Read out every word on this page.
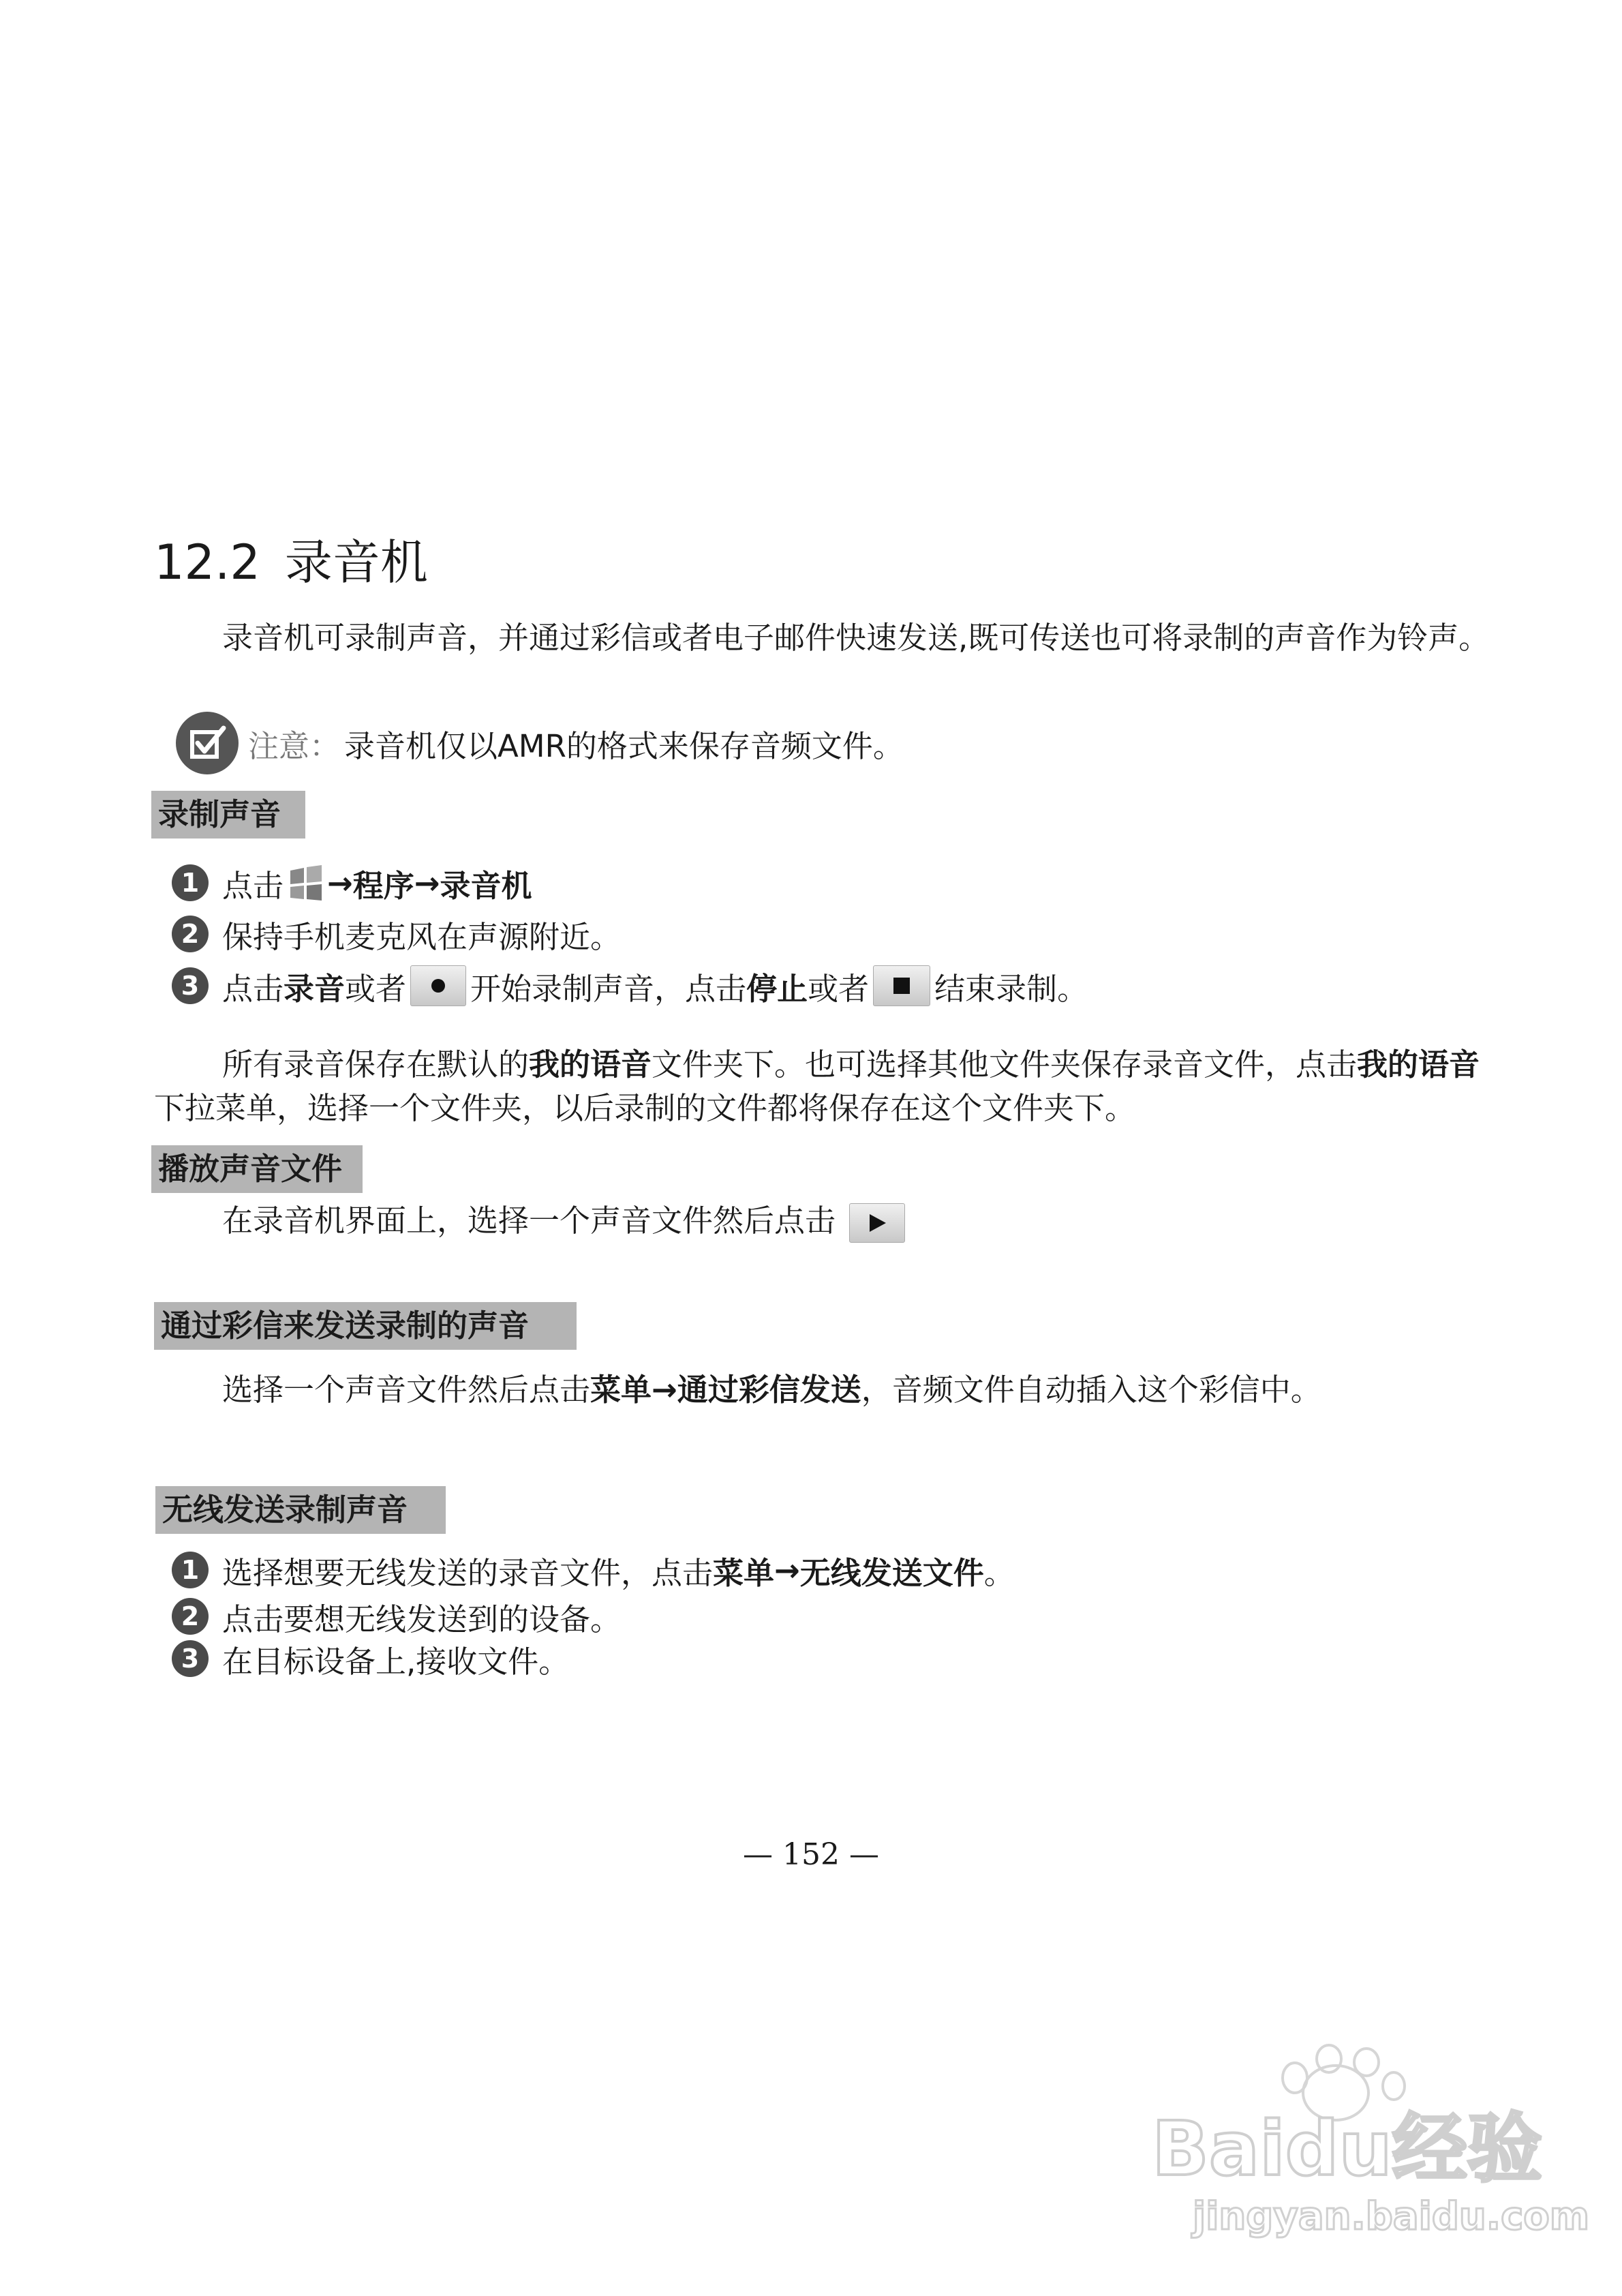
12.2 录音机
录音机可录制声音，并通过彩信或者电子邮件快速发送,既可传送也可将录制的声音作为铃声。
注意： 录音机仅以AMR的格式来保存音频文件。
录制声音
1 点击 → 程序 → 录音机
2 保持手机麦克风在声源附近。
3 点击 录音 或者 开始录制声音，点击 停止 或者 结束录制。
所有录音保存在默认的我的语音文件夹下。也可选择其他文件夹保存录音文件，点击我的语音下拉菜单，选择一个文件夹，以后录制的文件都将保存在这个文件夹下。
播放声音文件
在录音机界面上，选择一个声音文件然后点击
通过彩信来发送录制的声音
选择一个声音文件然后点击菜单→通过彩信发送，音频文件自动插入这个彩信中。
无线发送录制声音
1 选择想要无线发送的录音文件，点击 菜单 → 无线发送文件 。
2 点击要想无线发送到的设备。
3 在目标设备上,接收文件。
— 152 —
Baidu经验
jingyan.baidu.com
